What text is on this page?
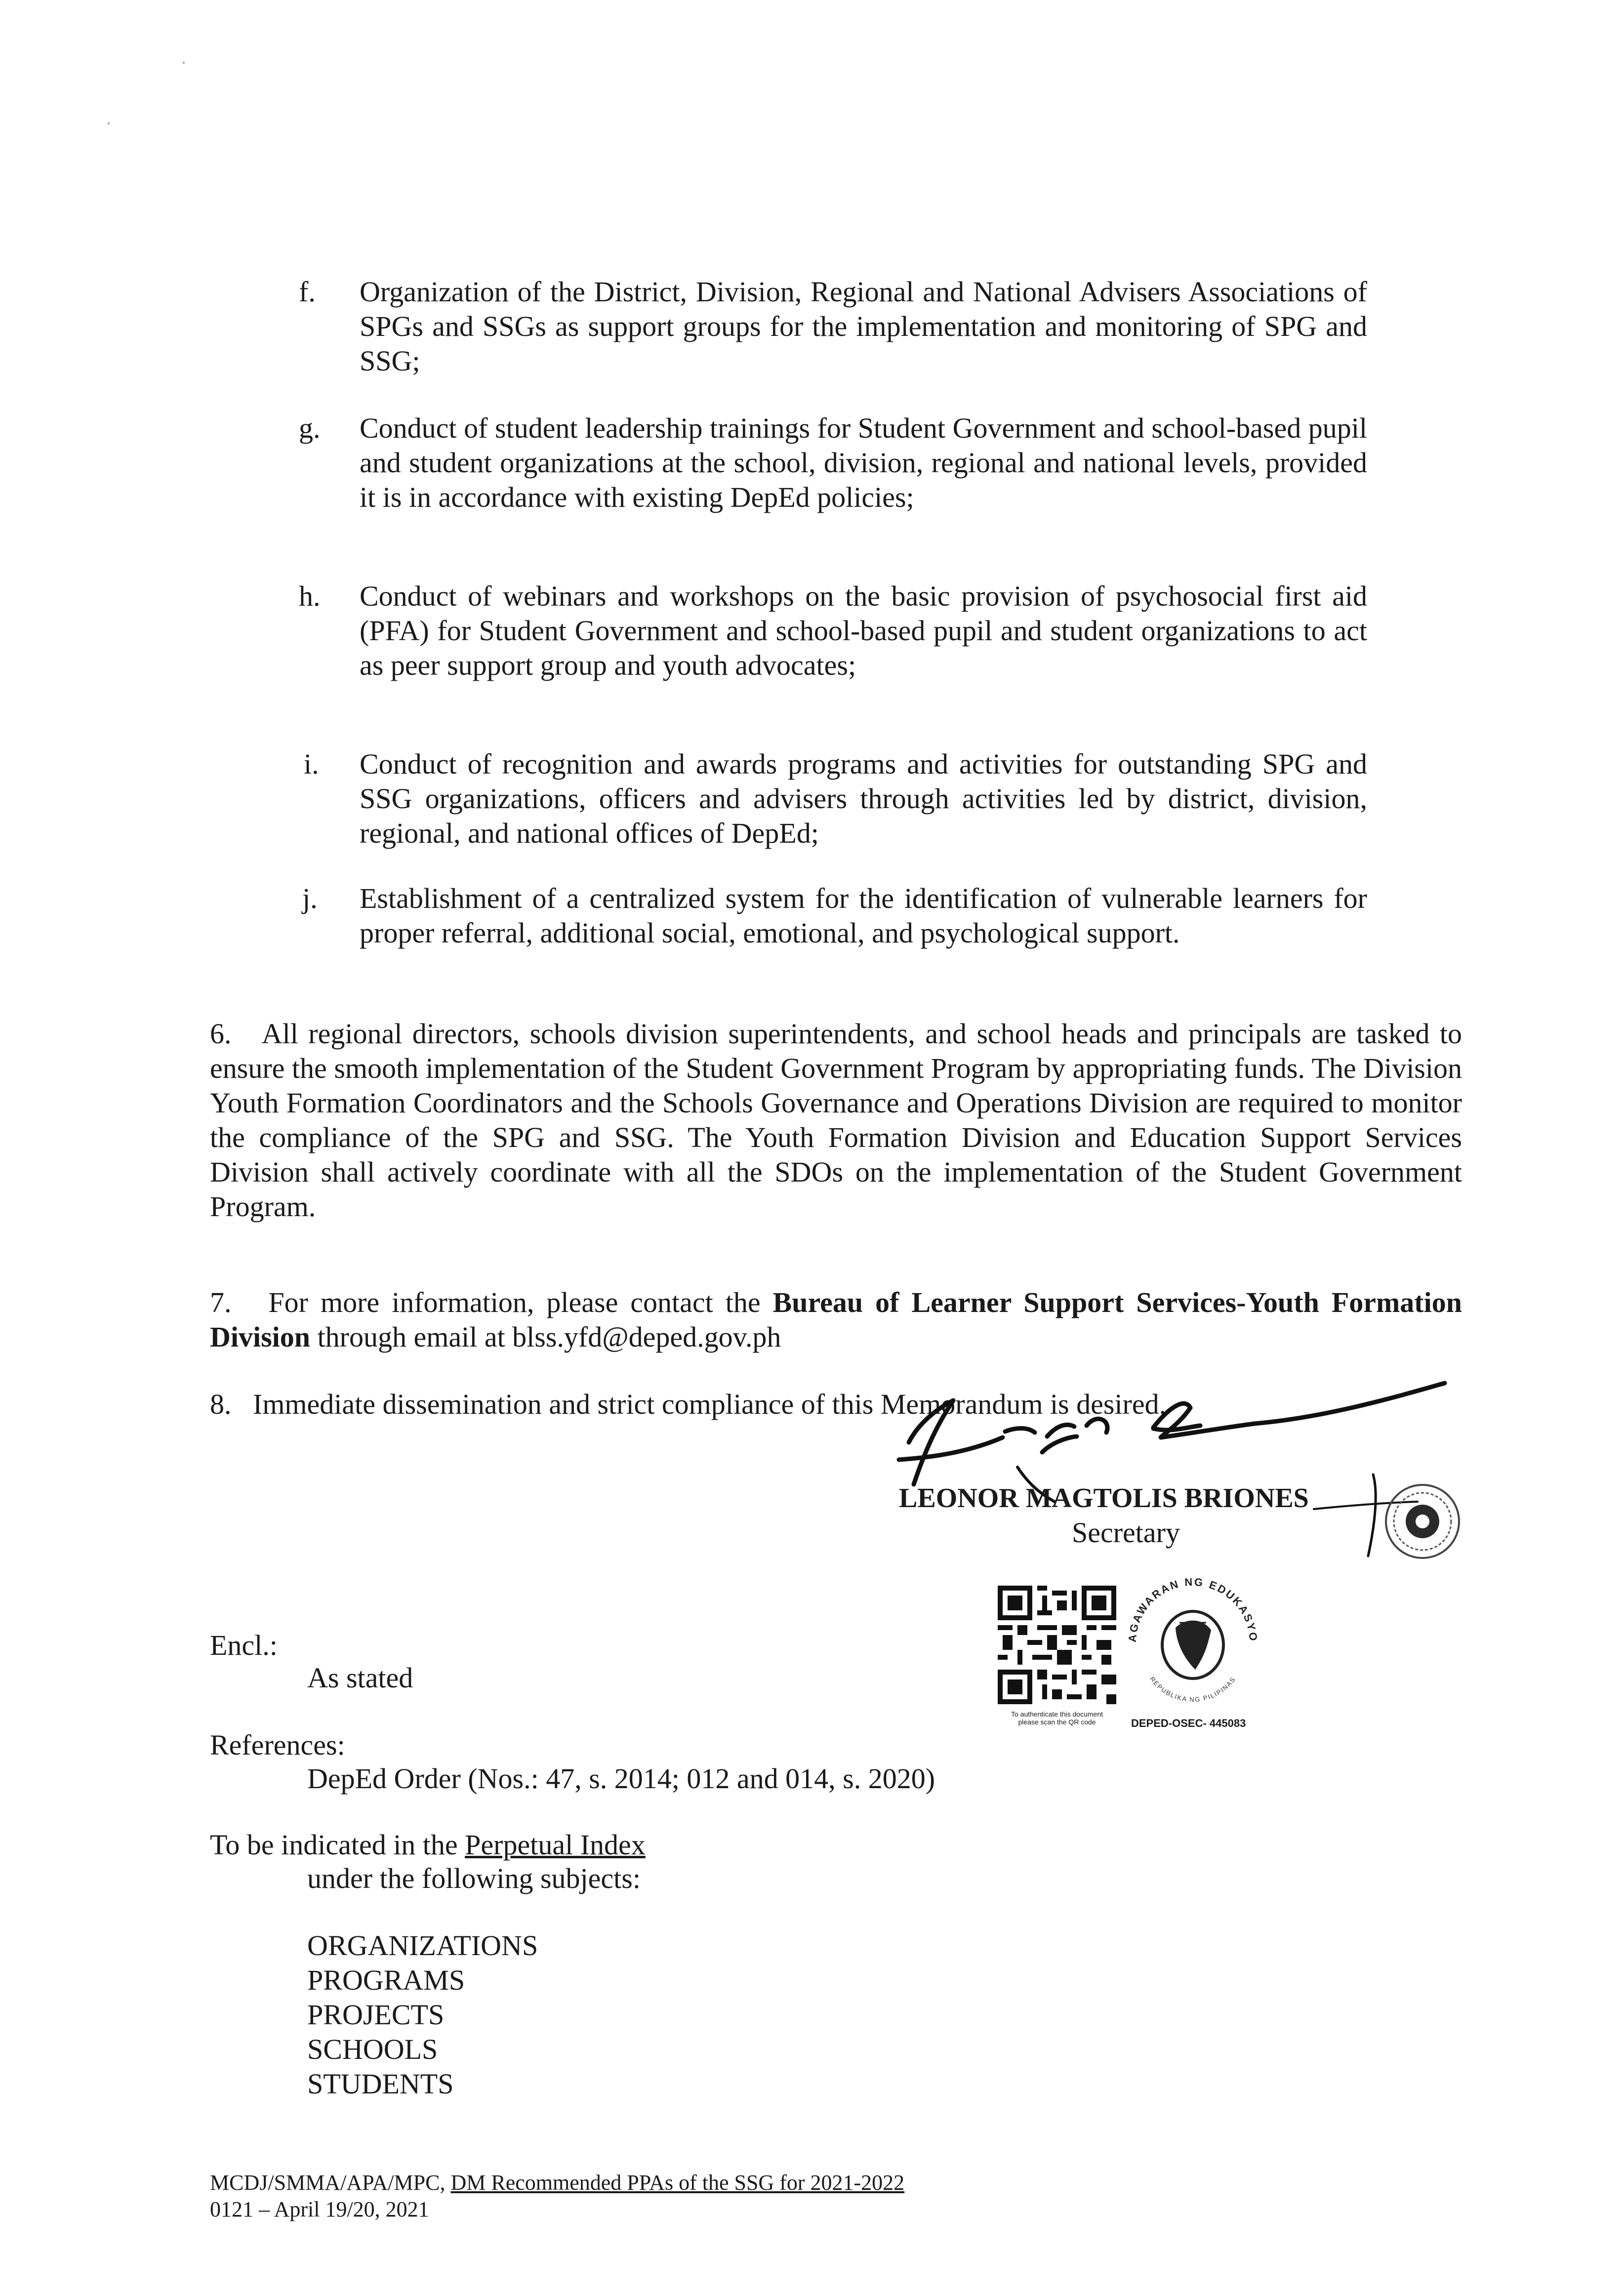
f. Organization of the District, Division, Regional and National Advisers Associations of SPGs and SSGs as support groups for the implementation and monitoring of SPG and SSG;
g. Conduct of student leadership trainings for Student Government and school-based pupil and student organizations at the school, division, regional and national levels, provided it is in accordance with existing DepEd policies;
h. Conduct of webinars and workshops on the basic provision of psychosocial first aid (PFA) for Student Government and school-based pupil and student organizations to act as peer support group and youth advocates;
i. Conduct of recognition and awards programs and activities for outstanding SPG and SSG organizations, officers and advisers through activities led by district, division, regional, and national offices of DepEd;
j. Establishment of a centralized system for the identification of vulnerable learners for proper referral, additional social, emotional, and psychological support.
6.   All regional directors, schools division superintendents, and school heads and principals are tasked to ensure the smooth implementation of the Student Government Program by appropriating funds. The Division Youth Formation Coordinators and the Schools Governance and Operations Division are required to monitor the compliance of the SPG and SSG. The Youth Formation Division and Education Support Services Division shall actively coordinate with all the SDOs on the implementation of the Student Government Program.
7.   For more information, please contact the Bureau of Learner Support Services-Youth Formation Division through email at blss.yfd@deped.gov.ph
8.   Immediate dissemination and strict compliance of this Memorandum is desired.
LEONOR MAGTOLIS BRIONES
Secretary
To authenticate this document
please scan the QR code
AGAWARAN NG EDUKASYO
REPUBLIKA NG PILIPINAS
DEPED-OSEC- 445083
Encl.:
As stated
References:
DepEd Order (Nos.: 47, s. 2014; 012 and 014, s. 2020)
To be indicated in the Perpetual Index
under the following subjects:
ORGANIZATIONS
PROGRAMS
PROJECTS
SCHOOLS
STUDENTS
MCDJ/SMMA/APA/MPC, DM Recommended PPAs of the SSG for 2021-2022
0121 – April 19/20, 2021
